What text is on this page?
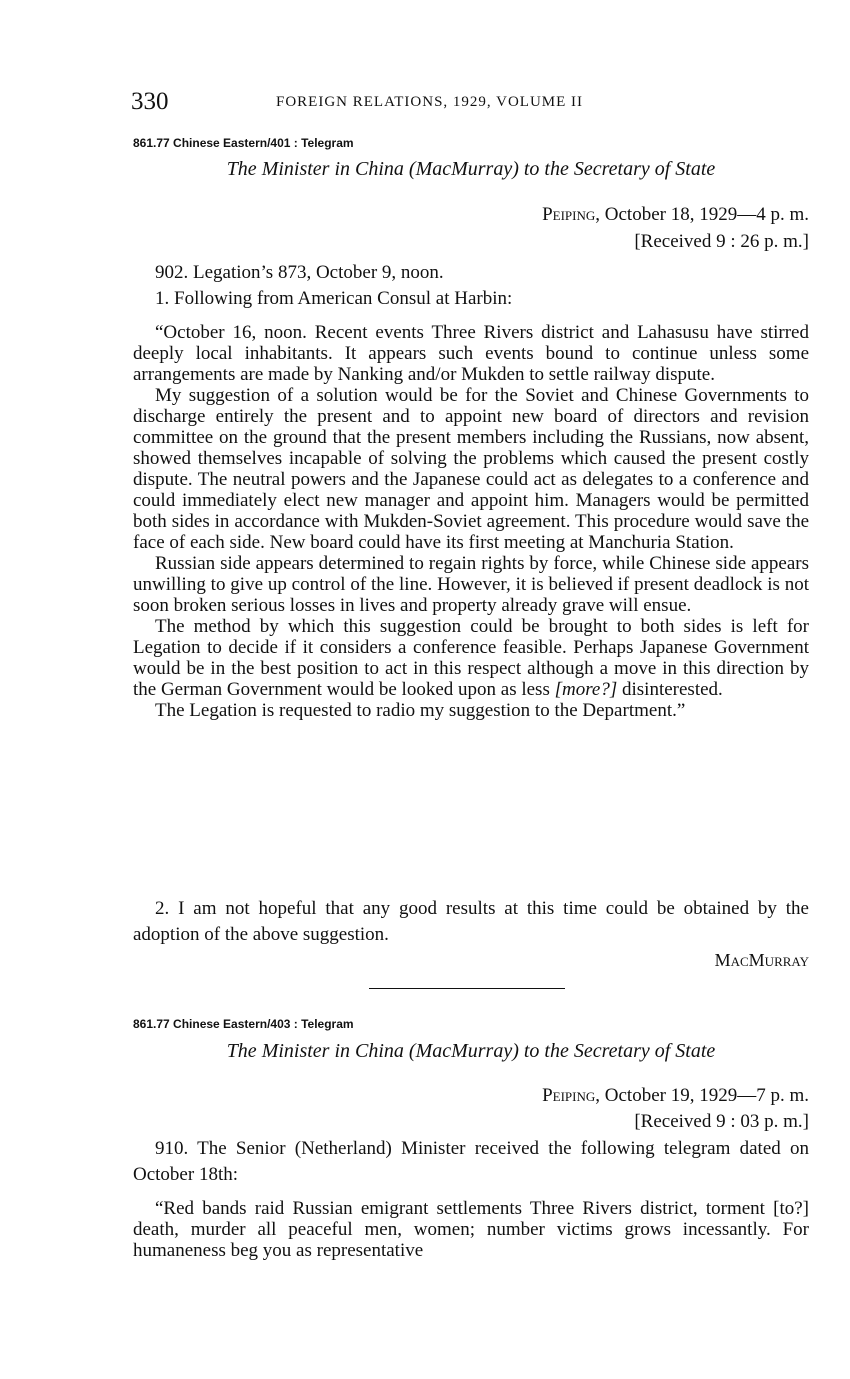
330	FOREIGN RELATIONS, 1929, VOLUME II
861.77 Chinese Eastern/401 : Telegram
The Minister in China (MacMurray) to the Secretary of State
Peiping, October 18, 1929—4 p. m.
[Received 9 : 26 p. m.]
902. Legation’s 873, October 9, noon.
1. Following from American Consul at Harbin:

“October 16, noon. Recent events Three Rivers district and Lahasusu have stirred deeply local inhabitants. It appears such events bound to continue unless some arrangements are made by Nanking and/or Mukden to settle railway dispute.

My suggestion of a solution would be for the Soviet and Chinese Governments to discharge entirely the present and to appoint new board of directors and revision committee on the ground that the present members including the Russians, now absent, showed themselves incapable of solving the problems which caused the present costly dispute. The neutral powers and the Japanese could act as delegates to a conference and could immediately elect new manager and appoint him. Managers would be permitted both sides in accordance with Mukden-Soviet agreement. This procedure would save the face of each side. New board could have its first meeting at Manchuria Station.

Russian side appears determined to regain rights by force, while Chinese side appears unwilling to give up control of the line. However, it is believed if present deadlock is not soon broken serious losses in lives and property already grave will ensue.

The method by which this suggestion could be brought to both sides is left for Legation to decide if it considers a conference feasible. Perhaps Japanese Government would be in the best position to act in this respect although a move in this direction by the German Government would be looked upon as less [more?] disinterested.

The Legation is requested to radio my suggestion to the Department.”

2. I am not hopeful that any good results at this time could be obtained by the adoption of the above suggestion.
MacMurray
861.77 Chinese Eastern/403 : Telegram
The Minister in China (MacMurray) to the Secretary of State
Peiping, October 19, 1929—7 p. m.
[Received 9 : 03 p. m.]
910. The Senior (Netherland) Minister received the following telegram dated on October 18th:

“Red bands raid Russian emigrant settlements Three Rivers district, torment [to?] death, murder all peaceful men, women; number victims grows incessantly. For humaneness beg you as representative
